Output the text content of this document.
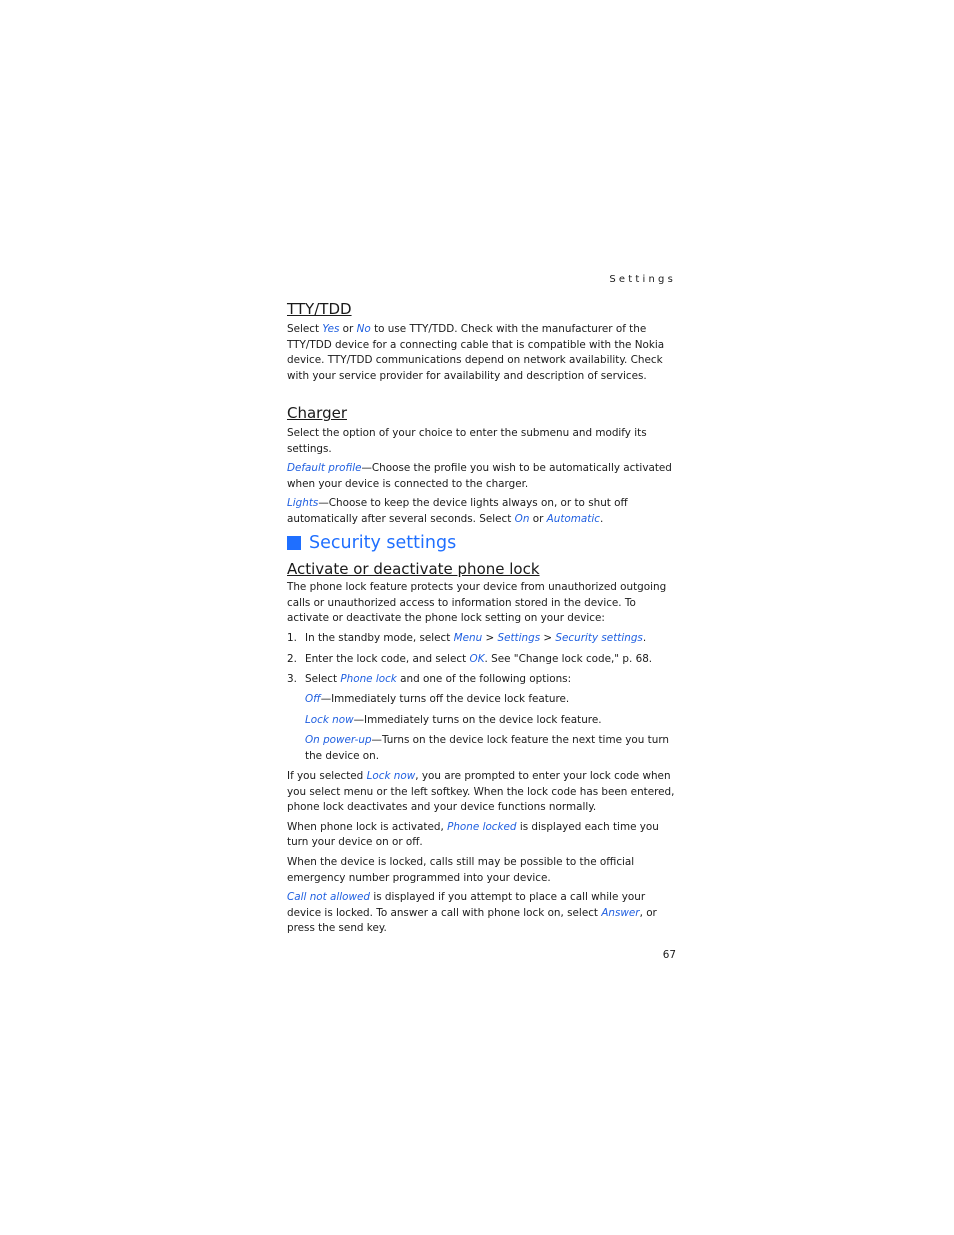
Settings
TTY/TDD

Select Yes or No to use TTY/TDD. Check with the manufacturer of the TTY/TDD device for a connecting cable that is compatible with the Nokia device. TTY/TDD communications depend on network availability. Check with your service provider for availability and description of services.

Charger

Select the option of your choice to enter the submenu and modify its settings.

Default profile—Choose the profile you wish to be automatically activated when your device is connected to the charger.

Lights—Choose to keep the device lights always on, or to shut off automatically after several seconds. Select On or Automatic.

Security settings
Activate or deactivate phone lock

The phone lock feature protects your device from unauthorized outgoing calls or unauthorized access to information stored in the device. To activate or deactivate the phone lock setting on your device:

1. In the standby mode, select Menu > Settings > Security settings.
2. Enter the lock code, and select OK. See "Change lock code," p. 68.
3. Select Phone lock and one of the following options:
Off—Immediately turns off the device lock feature.
Lock now—Immediately turns on the device lock feature.
On power-up—Turns on the device lock feature the next time you turn the device on.

If you selected Lock now, you are prompted to enter your lock code when you select menu or the left softkey. When the lock code has been entered, phone lock deactivates and your device functions normally.

When phone lock is activated, Phone locked is displayed each time you turn your device on or off.

When the device is locked, calls still may be possible to the official emergency number programmed into your device.

Call not allowed is displayed if you attempt to place a call while your device is locked. To answer a call with phone lock on, select Answer, or press the send key.

67
